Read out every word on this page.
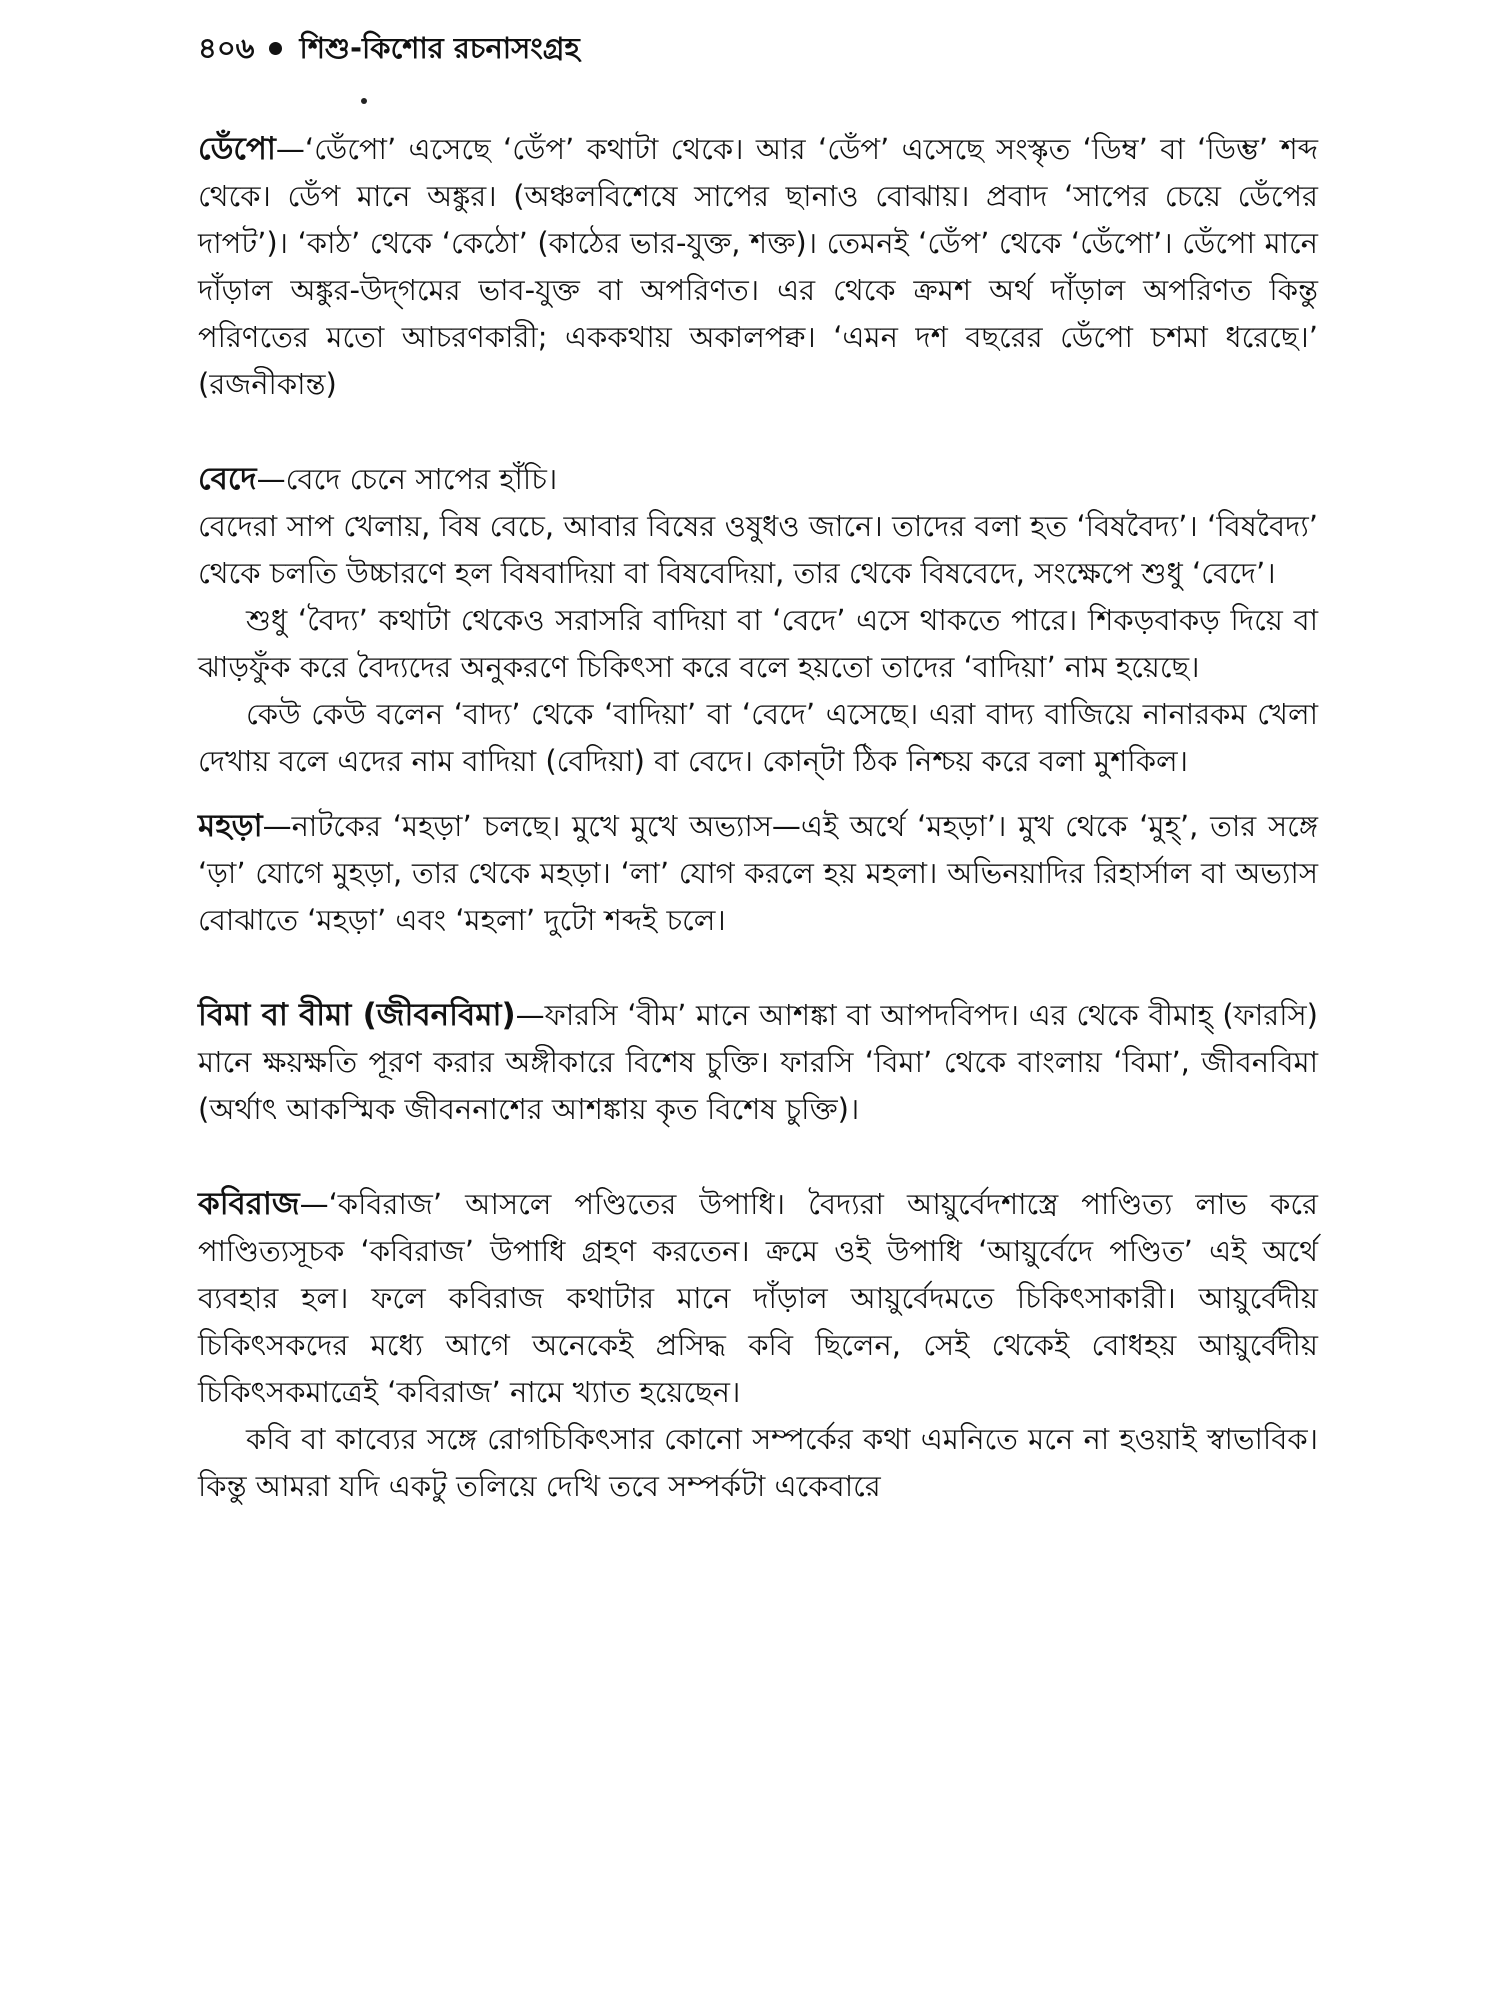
৪০৬ শিশু-কিশোর রচনাসংগ্রহ

ডেঁপো—‘ডেঁপো’ এসেছে ‘ডেঁপ’ কথাটা থেকে। আর ‘ডেঁপ’ এসেছে সংস্কৃত ‘ডিম্ব’ বা ‘ডিম্ভ’ শব্দ থেকে। ডেঁপ মানে অঙ্কুর। (অঞ্চলবিশেষে সাপের ছানাও বোঝায়। প্রবাদ ‘সাপের চেয়ে ডেঁপের দাপট’)। ‘কাঠ’ থেকে ‘কেঠো’ (কাঠের ভার-যুক্ত, শক্ত)। তেমনই ‘ডেঁপ’ থেকে ‘ডেঁপো’। ডেঁপো মানে দাঁড়াল অঙ্কুর-উদ্‌গমের ভাব-যুক্ত বা অপরিণত। এর থেকে ক্রমশ অর্থ দাঁড়াল অপরিণত কিন্তু পরিণতের মতো আচরণকারী; এককথায় অকালপক্ব। ‘এমন দশ বছরের ডেঁপো চশমা ধরেছে।’ (রজনীকান্ত)

বেদে—বেদে চেনে সাপের হাঁচি।

বেদেরা সাপ খেলায়, বিষ বেচে, আবার বিষের ওষুধও জানে। তাদের বলা হত ‘বিষবৈদ্য’। ‘বিষবৈদ্য’ থেকে চলতি উচ্চারণে হল বিষবাদিয়া বা বিষবেদিয়া, তার থেকে বিষবেদে, সংক্ষেপে শুধু ‘বেদে’।

শুধু ‘বৈদ্য’ কথাটা থেকেও সরাসরি বাদিয়া বা ‘বেদে’ এসে থাকতে পারে। শিকড়বাকড় দিয়ে বা ঝাড়ফুঁক করে বৈদ্যদের অনুকরণে চিকিৎসা করে বলে হয়তো তাদের ‘বাদিয়া’ নাম হয়েছে।

কেউ কেউ বলেন ‘বাদ্য’ থেকে ‘বাদিয়া’ বা ‘বেদে’ এসেছে। এরা বাদ্য বাজিয়ে নানারকম খেলা দেখায় বলে এদের নাম বাদিয়া (বেদিয়া) বা বেদে। কোন্‌টা ঠিক নিশ্চয় করে বলা মুশকিল।

মহড়া—নাটকের ‘মহড়া’ চলছে। মুখে মুখে অভ্যাস—এই অর্থে ‘মহড়া’। মুখ থেকে ‘মুহ্‌’, তার সঙ্গে ‘ড়া’ যোগে মুহড়া, তার থেকে মহড়া। ‘লা’ যোগ করলে হয় মহলা। অভিনয়াদির রিহার্সাল বা অভ্যাস বোঝাতে ‘মহড়া’ এবং ‘মহলা’ দুটো শব্দই চলে।

বিমা বা বীমা (জীবনবিমা)—ফারসি ‘বীম’ মানে আশঙ্কা বা আপদবিপদ। এর থেকে বীমাহ্‌ (ফারসি) মানে ক্ষয়ক্ষতি পূরণ করার অঙ্গীকারে বিশেষ চুক্তি। ফারসি ‘বিমা’ থেকে বাংলায় ‘বিমা’, জীবনবিমা (অর্থাৎ আকস্মিক জীবননাশের আশঙ্কায় কৃত বিশেষ চুক্তি)।

কবিরাজ—‘কবিরাজ’ আসলে পণ্ডিতের উপাধি। বৈদ্যরা আয়ুর্বেদশাস্ত্রে পাণ্ডিত্য লাভ করে পাণ্ডিত্যসূচক ‘কবিরাজ’ উপাধি গ্রহণ করতেন। ক্রমে ওই উপাধি ‘আয়ুর্বেদে পণ্ডিত’ এই অর্থে ব্যবহার হল। ফলে কবিরাজ কথাটার মানে দাঁড়াল আয়ুর্বেদমতে চিকিৎসাকারী। আয়ুর্বেদীয় চিকিৎসকদের মধ্যে আগে অনেকেই প্রসিদ্ধ কবি ছিলেন, সেই থেকেই বোধহয় আয়ুর্বেদীয় চিকিৎসকমাত্রেই ‘কবিরাজ’ নামে খ্যাত হয়েছেন।

কবি বা কাব্যের সঙ্গে রোগচিকিৎসার কোনো সম্পর্কের কথা এমনিতে মনে না হওয়াই স্বাভাবিক। কিন্তু আমরা যদি একটু তলিয়ে দেখি তবে সম্পর্কটা একেবারে
